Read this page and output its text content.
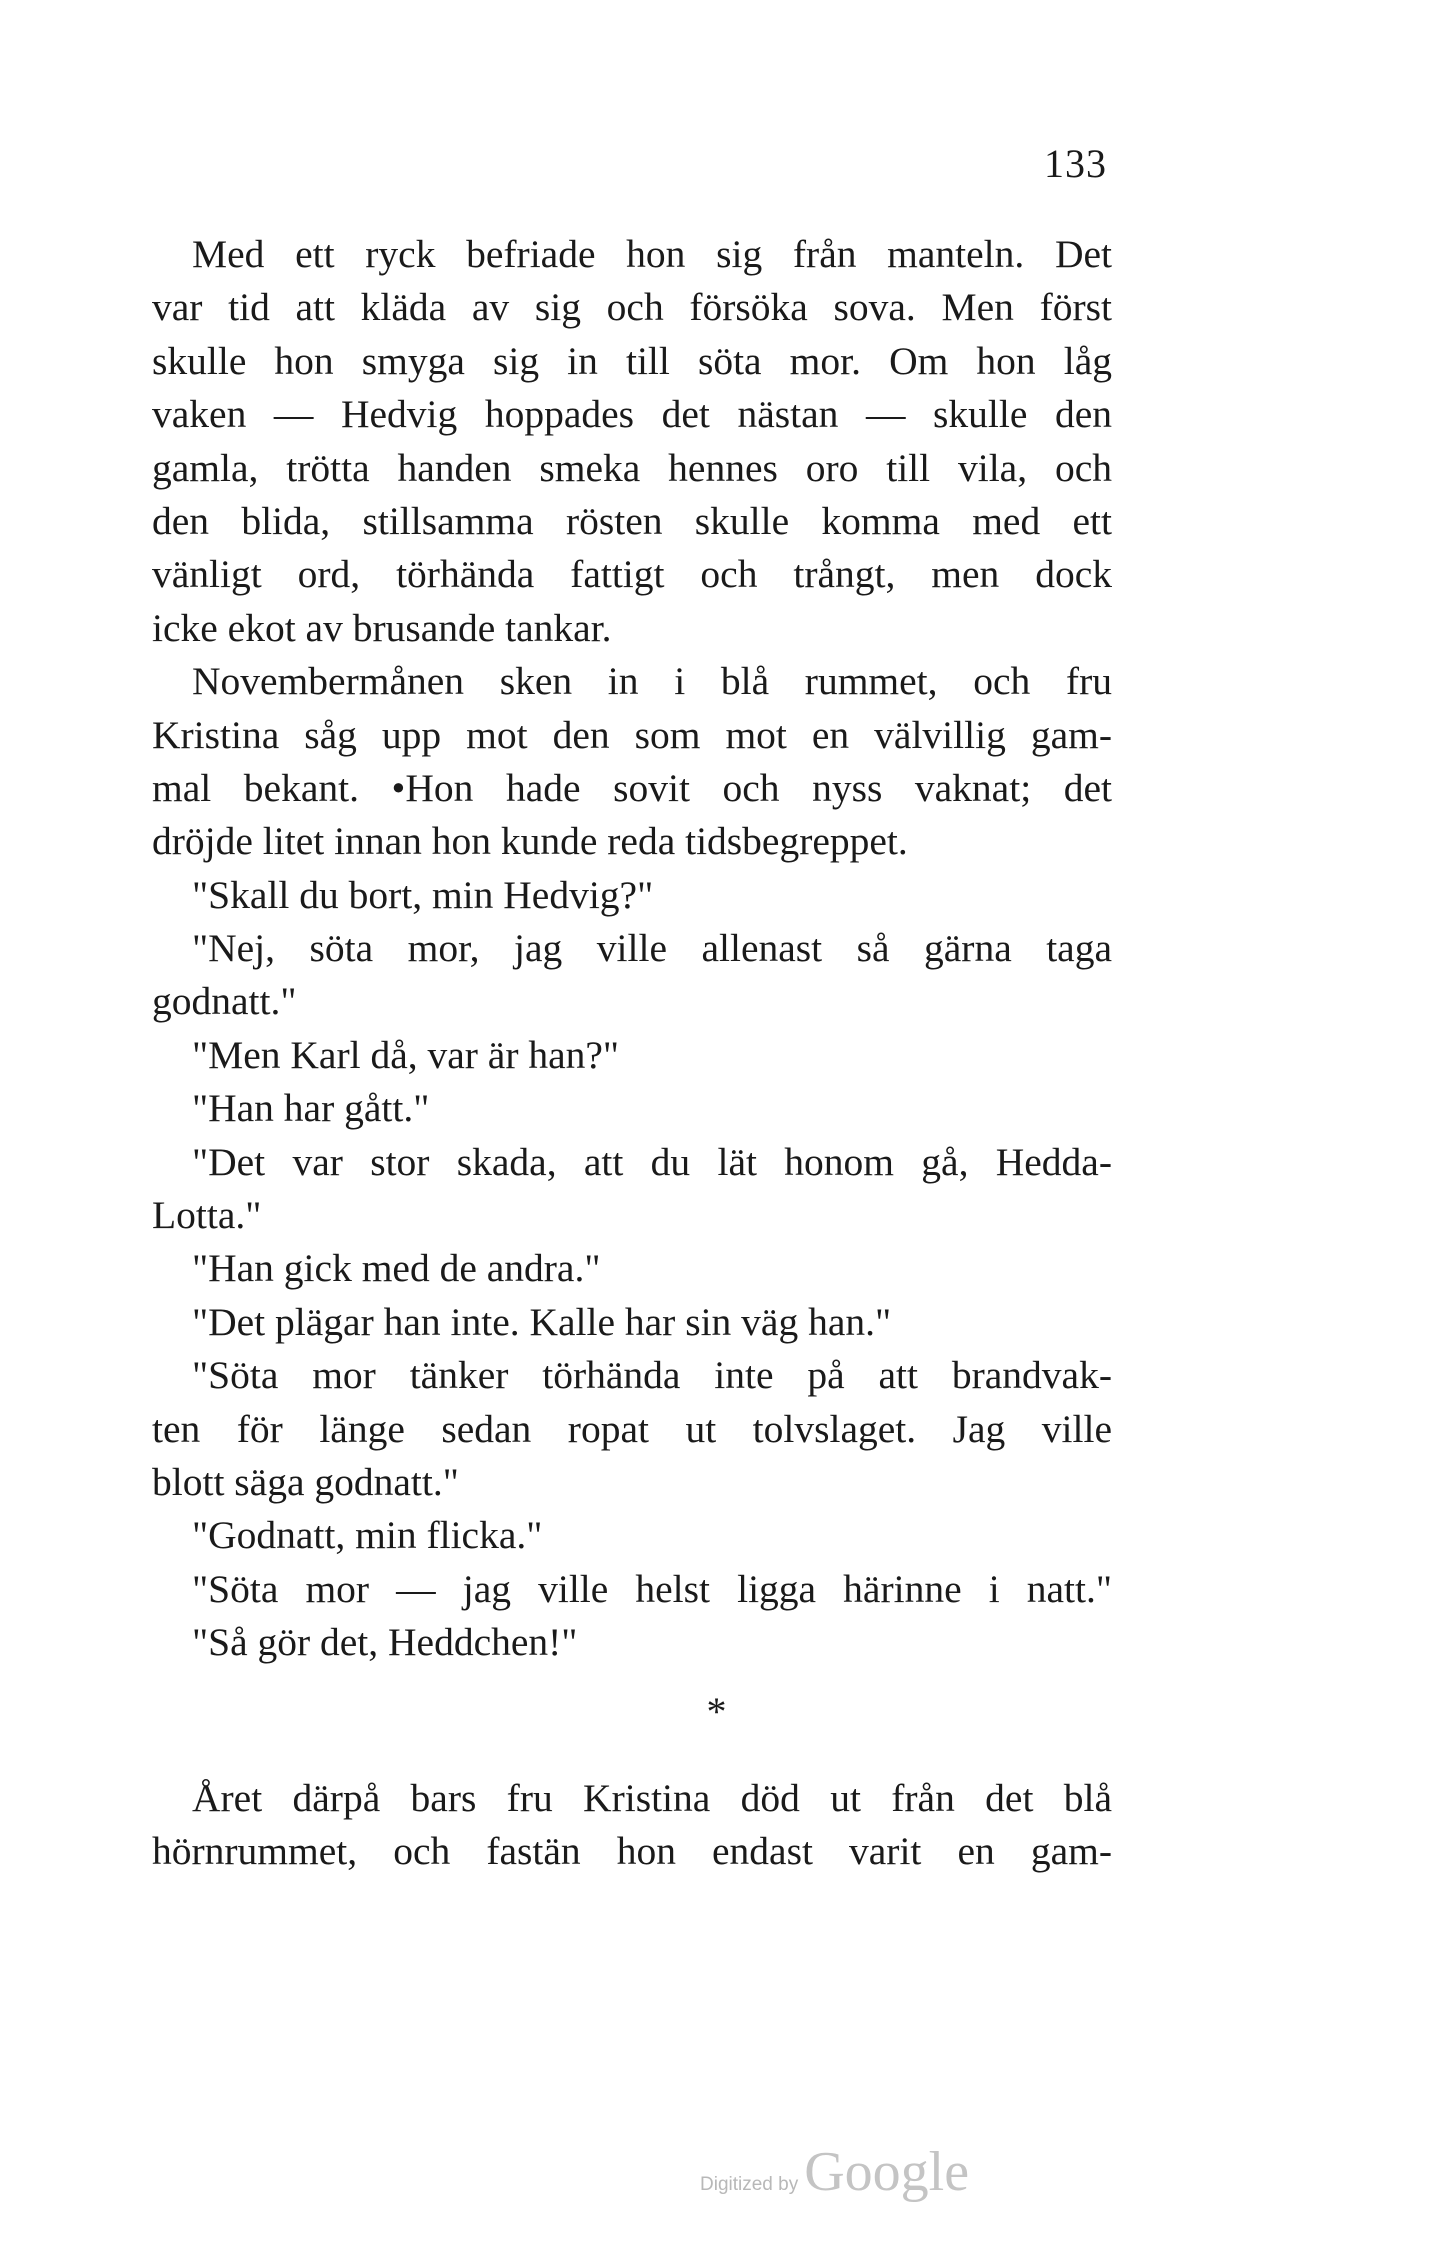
133
Med ett ryck befriade hon sig från manteln. Det
var tid att kläda av sig och försöka sova. Men först
skulle hon smyga sig in till söta mor. Om hon låg
vaken — Hedvig hoppades det nästan — skulle den
gamla, trötta handen smeka hennes oro till vila, och
den blida, stillsamma rösten skulle komma med ett
vänligt ord, törhända fattigt och trångt, men dock
icke ekot av brusande tankar.
Novembermånen sken in i blå rummet, och fru
Kristina såg upp mot den som mot en välvillig gam-
mal bekant. •Hon hade sovit och nyss vaknat; det
dröjde litet innan hon kunde reda tidsbegreppet.
"Skall du bort, min Hedvig?"
"Nej, söta mor, jag ville allenast så gärna taga
godnatt."
"Men Karl då, var är han?"
"Han har gått."
"Det var stor skada, att du lät honom gå, Hedda-
Lotta."
"Han gick med de andra."
"Det plägar han inte. Kalle har sin väg han."
"Söta mor tänker törhända inte på att brandvak-
ten för länge sedan ropat ut tolvslaget. Jag ville
blott säga godnatt."
"Godnatt, min flicka."
"Söta mor — jag ville helst ligga härinne i natt."
"Så gör det, Heddchen!"
*
Året därpå bars fru Kristina död ut från det blå
hörnrummet, och fastän hon endast varit en gam-
Digitized by Google
